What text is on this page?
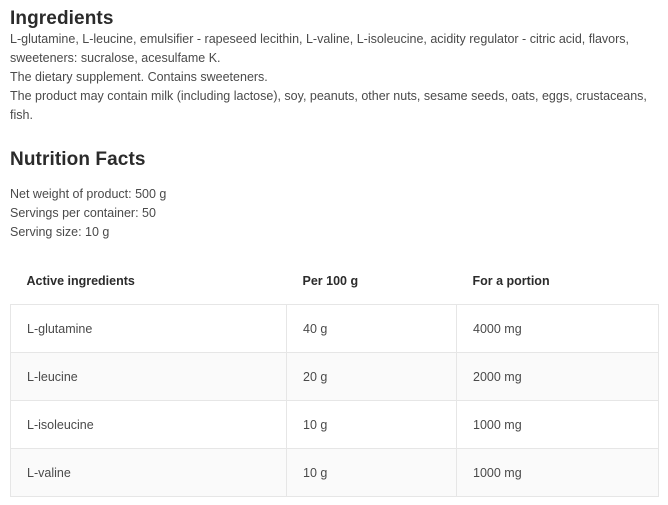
Ingredients

L-glutamine, L-leucine, emulsifier - rapeseed lecithin, L-valine, L-isoleucine, acidity regulator - citric acid, flavors, sweeteners: sucralose, acesulfame K.

The dietary supplement. Contains sweeteners.

The product may contain milk (including lactose), soy, peanuts, other nuts, sesame seeds, oats, eggs, crustaceans, fish.

Nutrition Facts
Net weight of product: 500 g
Servings per container: 50
Serving size: 10 g
Active ingredients	Per 100 g	For a portion
L-glutamine	40 g	4000 mg
L-leucine	20 g	2000 mg
L-isoleucine	10 g	1000 mg
L-valine	10 g	1000 mg
